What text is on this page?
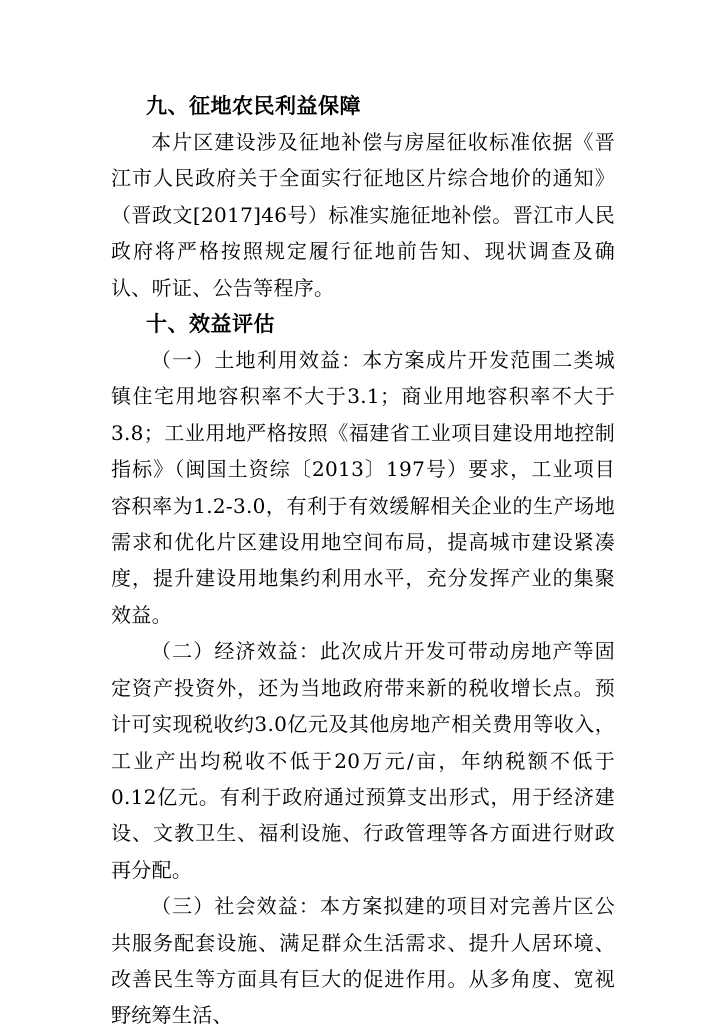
九、征地农民利益保障

本片区建设涉及征地补偿与房屋征收标准依据《晋江市人民政府关于全面实行征地区片综合地价的通知》（晋政文[2017]46号）标准实施征地补偿。晋江市人民政府将严格按照规定履行征地前告知、现状调查及确认、听证、公告等程序。

十、效益评估

（一）土地利用效益：本方案成片开发范围二类城镇住宅用地容积率不大于3.1；商业用地容积率不大于3.8；工业用地严格按照《福建省工业项目建设用地控制指标》（闽国土资综〔2013〕197号）要求，工业项目容积率为1.2-3.0，有利于有效缓解相关企业的生产场地需求和优化片区建设用地空间布局，提高城市建设紧凑度，提升建设用地集约利用水平，充分发挥产业的集聚效益。

（二）经济效益：此次成片开发可带动房地产等固定资产投资外，还为当地政府带来新的税收增长点。预计可实现税收约3.0亿元及其他房地产相关费用等收入，工业产出均税收不低于20万元/亩，年纳税额不低于0.12亿元。有利于政府通过预算支出形式，用于经济建设、文教卫生、福利设施、行政管理等各方面进行财政再分配。

（三）社会效益：本方案拟建的项目对完善片区公共服务配套设施、满足群众生活需求、提升人居环境、改善民生等方面具有巨大的促进作用。从多角度、宽视野统筹生活、
